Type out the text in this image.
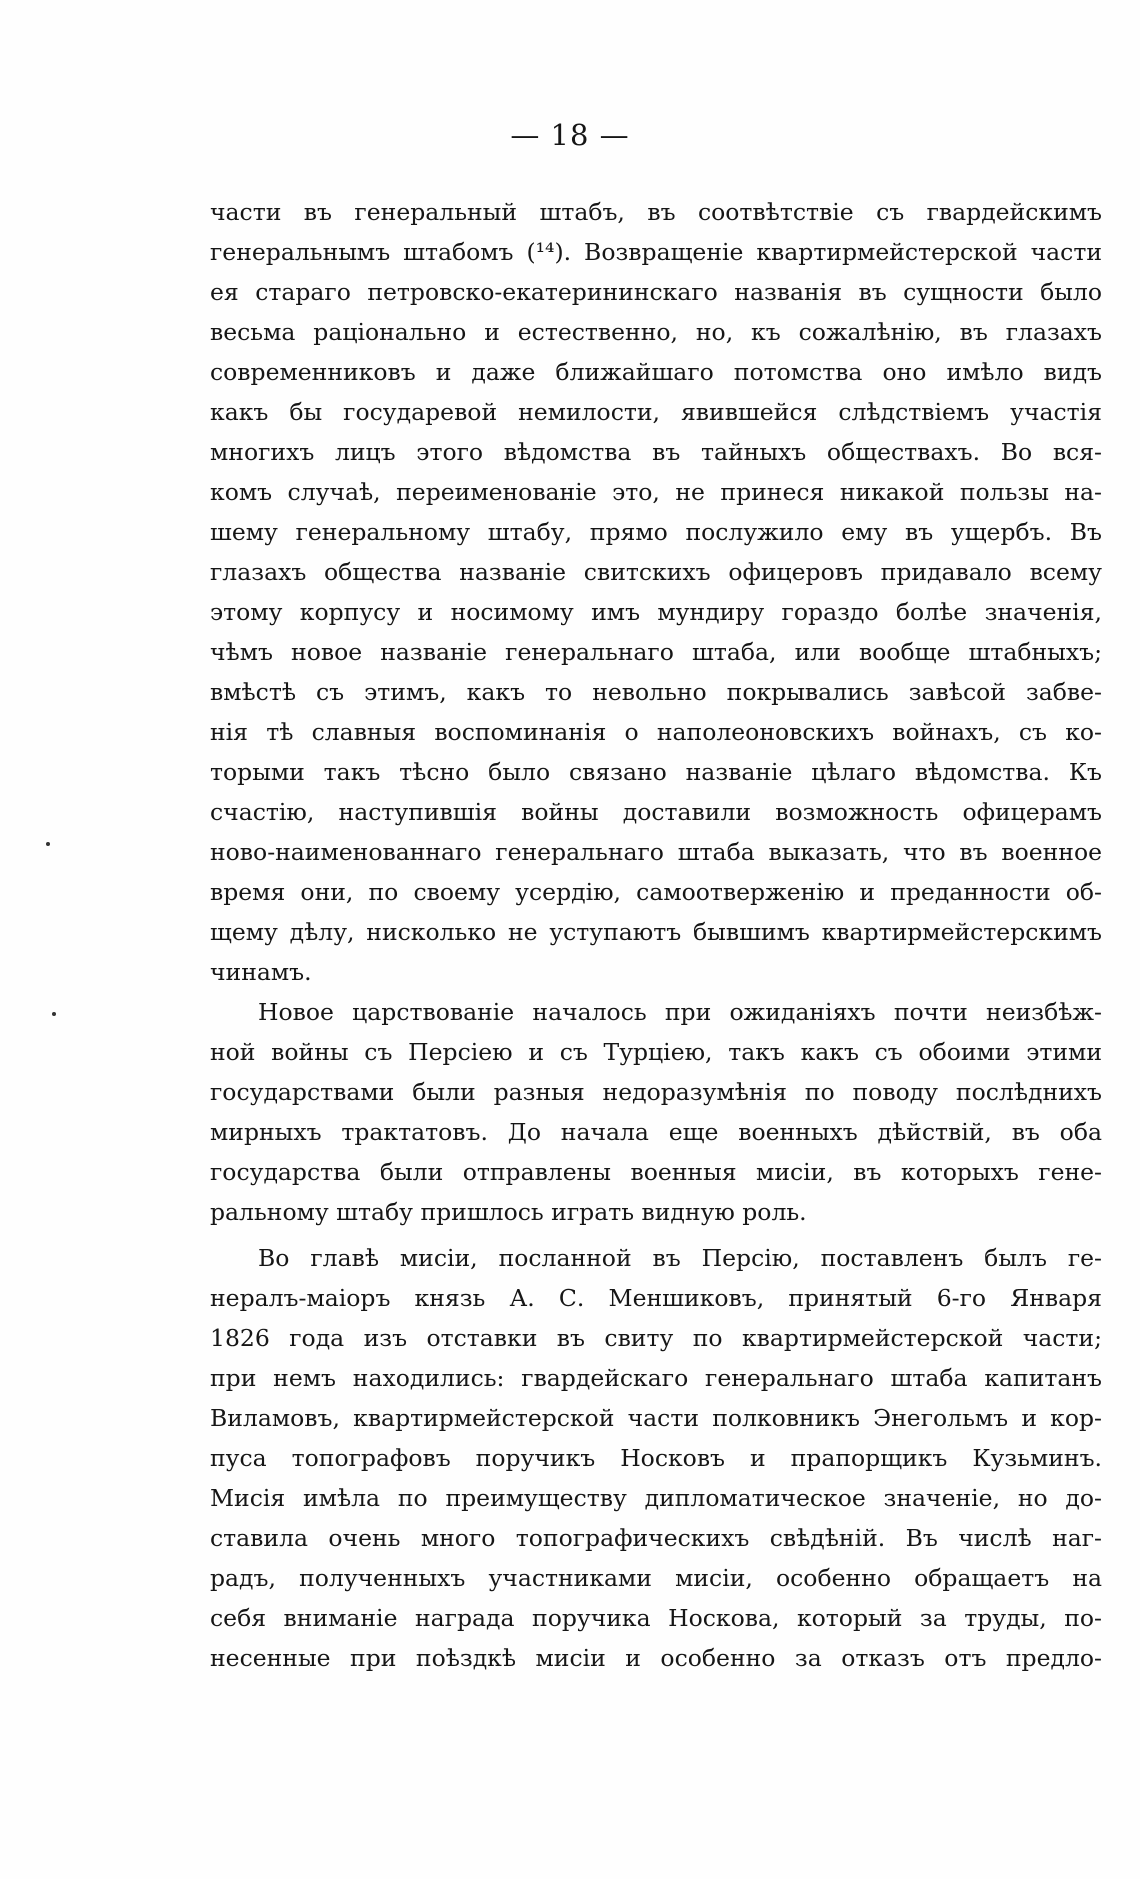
— 18 —
части въ генеральный штабъ, въ соотвѣтствіе съ гвардейскимъ
генеральнымъ штабомъ (¹⁴). Возвращеніе квартирмейстерской части
ея стараго петровско-екатерининскаго названія въ сущности было
весьма раціонально и естественно, но, къ сожалѣнію, въ глазахъ
современниковъ и даже ближайшаго потомства оно имѣло видъ
какъ бы государевой немилости, явившейся слѣдствіемъ участія
многихъ лицъ этого вѣдомства въ тайныхъ обществахъ. Во вся-
комъ случаѣ, переименованіе это, не принеся никакой пользы на-
шему генеральному штабу, прямо послужило ему въ ущербъ. Въ
глазахъ общества названіе свитскихъ офицеровъ придавало всему
этому корпусу и носимому имъ мундиру гораздо болѣе значенія,
чѣмъ новое названіе генеральнаго штаба, или вообще штабныхъ;
вмѣстѣ съ этимъ, какъ то невольно покрывались завѣсой забве-
нія тѣ славныя воспоминанія о наполеоновскихъ войнахъ, съ ко-
торыми такъ тѣсно было связано названіе цѣлаго вѣдомства. Къ
счастію, наступившія войны доставили возможность офицерамъ
ново-наименованнаго генеральнаго штаба выказать, что въ военное
время они, по своему усердію, самоотверженію и преданности об-
щему дѣлу, нисколько не уступаютъ бывшимъ квартирмейстерскимъ
чинамъ.
Новое царствованіе началось при ожиданіяхъ почти неизбѣж-
ной войны съ Персіею и съ Турціею, такъ какъ съ обоими этими
государствами были разныя недоразумѣнія по поводу послѣднихъ
мирныхъ трактатовъ. До начала еще военныхъ дѣйствій, въ оба
государства были отправлены военныя мисіи, въ которыхъ гене-
ральному штабу пришлось играть видную роль.
Во главѣ мисіи, посланной въ Персію, поставленъ былъ ге-
нералъ-маіоръ князь А. С. Меншиковъ, принятый 6-го Января
1826 года изъ отставки въ свиту по квартирмейстерской части;
при немъ находились: гвардейскаго генеральнаго штаба капитанъ
Виламовъ, квартирмейстерской части полковникъ Энегольмъ и кор-
пуса топографовъ поручикъ Носковъ и прапорщикъ Кузьминъ.
Мисія имѣла по преимуществу дипломатическое значеніе, но до-
ставила очень много топографическихъ свѣдѣній. Въ числѣ наг-
радъ, полученныхъ участниками мисіи, особенно обращаетъ на
себя вниманіе награда поручика Носкова, который за труды, по-
несенные при поѣздкѣ мисіи и особенно за отказъ отъ предло-
